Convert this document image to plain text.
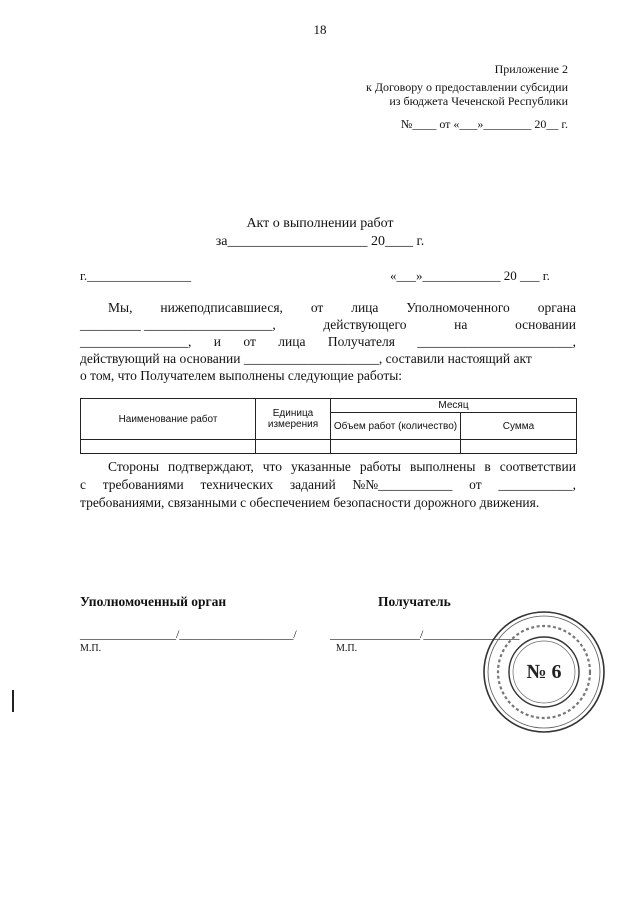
18
Приложение 2
к Договору о предоставлении субсидии
из бюджета Чеченской Республики
№____ от «___»________ 20__ г.
Акт о выполнении работ
за____________________ 20____ г.
г.________________	«___»____________ 20 ___ г.
Мы, нижеподписавшиеся, от лица Уполномоченного органа
_________ ___________________,	действующего	на	основании
________________, и от лица Получателя _______________________,
действующий на основании ____________________, составили настоящий акт
о том, что Получателем выполнены следующие работы:
Наименование работ	Единица измерения	Месяц	
		Объем работ (количество)	Сумма

Стороны подтверждают, что указанные работы выполнены в соответствии
с требованиями технических заданий №№___________ от ___________,
требованиями, связанными с обеспечением безопасности дорожного движения.
Уполномоченный орган	Получатель
________________/___________________/	_______________/________________
М.П.	М.П.
№ 6
